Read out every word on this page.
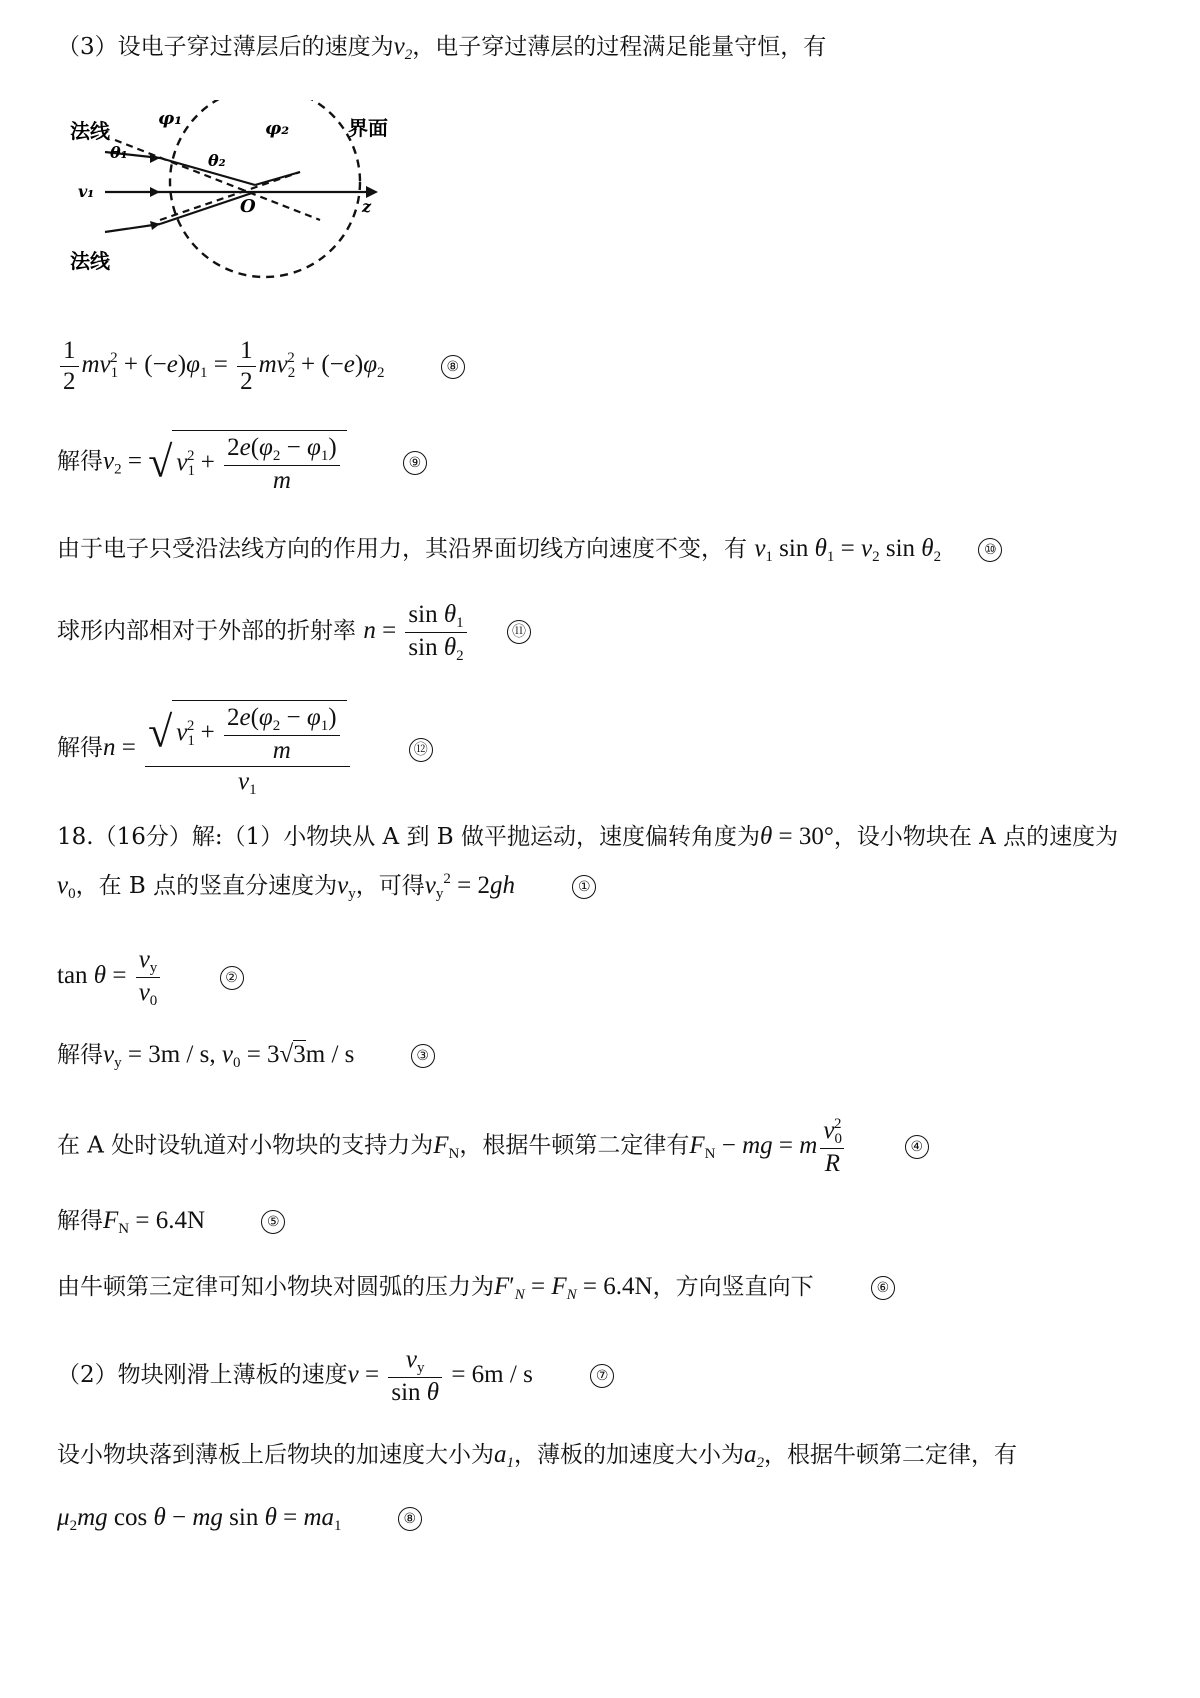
（3）设电子穿过薄层后的速度为$v_2$，电子穿过薄层的过程满足能量守恒，有
法线
法线
界面
φ₁	φ₂
θ₁	θ₂
v₁
O	z
$\frac{1}{2} mv_1^2 + (-e)\varphi_1 = \frac{1}{2} mv_2^2 + (-e)\varphi_2$	⑧
解得$v_2$ = √ $v_1^2 + \frac{2e(\varphi_2 - \varphi_1)}{m}$	⑨
由于电子只受沿法线方向的作用力，其沿界面切线方向速度不变，有 $v_1$ $\sin \theta_1 = v_2$ $\sin \theta_2$	⑩
球形内部相对于外部的折射率 $n = \frac{\sin \theta_1}{\sin \theta_2}$	⑪
解得$n = \frac{√ v_1^2 + \frac{2e(\varphi_2 - \varphi_1)}{m}}{v_1}$	⑫
18.（16分）解:（1）小物块从 A 到 B 做平抛运动，速度偏转角度为θ = 30°，设小物块在 A 点的速度为
$v_0$，在 B 点的竖直分速度为$v_y$，可得$v_y^2 = 2gh$	①
$\tan \theta = \frac{v_y}{v_0}$	②
解得$v_y = 3m / s$, $v_0 = 3√3m / s$	③
在 A 处时设轨道对小物块的支持力为$F_N$，根据牛顿第二定律有$F_N$ − mg = m $\frac{v_0^2}{R}$	④
解得$F_N = 6.4N$	⑤
由牛顿第三定律可知小物块对圆弧的压力为$F'_N = F_N = 6.4N$，方向竖直向下	⑥
（2）物块刚滑上薄板的速度$v = \frac{v_y}{\text{sin θ}} = 6m / s$	⑦
设小物块落到薄板上后物块的加速度大小为$a_1$，薄板的加速度大小为$a_2$，根据牛顿第二定律，有
$\mu_2mg$ cos θ − mg $\sin \theta = ma_1$	⑧
